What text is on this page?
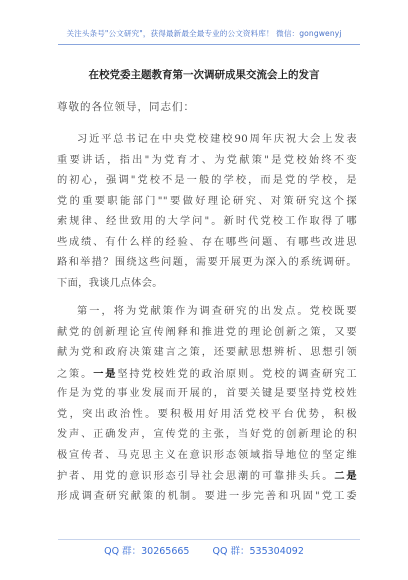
关注头条号"公文研究"，获得最新最全最专业的公文资料库！ 微信：gongwenyj
在校党委主题教育第一次调研成果交流会上的发言
尊敬的各位领导，同志们：
习近平总书记在中央党校建校90周年庆祝大会上发表
重要讲话，指出"为党育才、为党献策"是党校始终不变
的初心，强调"党校不是一般的学校，而是党的学校，是
党的重要职能部门""要做好理论研究、对策研究这个探
索规律、经世致用的大学问"。新时代党校工作取得了哪
些成绩、有什么样的经验、存在哪些问题、有哪些改进思
路和举措？围绕这些问题，需要开展更为深入的系统调研。
下面，我谈几点体会。
第一，将为党献策作为调查研究的出发点。党校既要
献党的创新理论宣传阐释和推进党的理论创新之策，又要
献为党和政府决策建言之策，还要献思想辨析、思想引领
之策。一是坚持党校姓党的政治原则。党校的调查研究工
作是为党的事业发展而开展的，首要关键是要坚持党校姓
党，突出政治性。要积极用好用活党校平台优势，积极
发声、正确发声，宣传党的主张，当好党的创新理论的积
极宣传者、马克思主义在意识形态领域指导地位的坚定维
护者、用党的意识形态引导社会思潮的可靠排头兵。二是
形成调查研究献策的机制。要进一步完善和巩固"党工委
QQ 群：30265665 QQ 群：535304092
